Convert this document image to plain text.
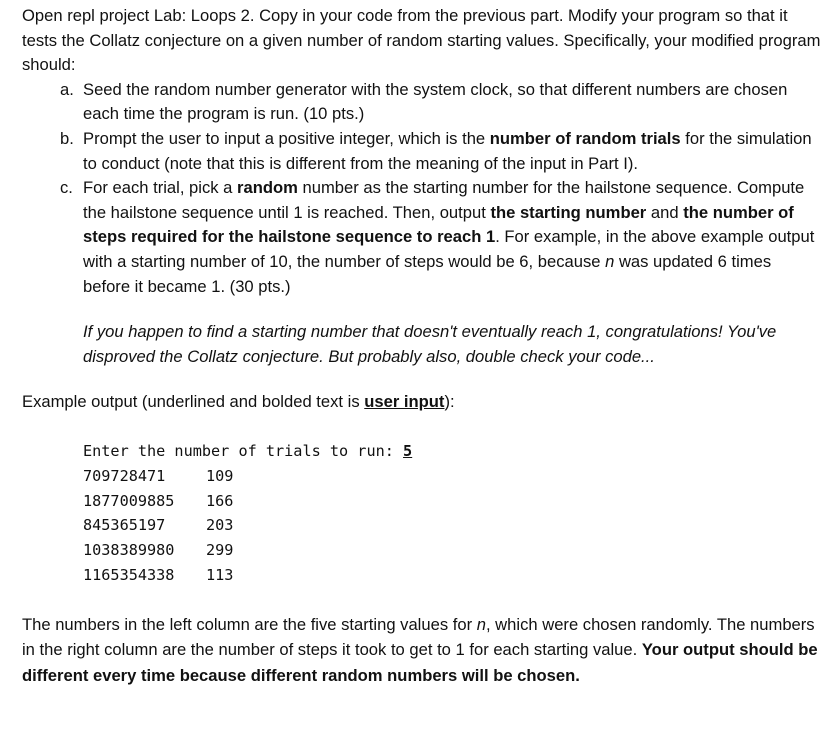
Open repl project Lab: Loops 2. Copy in your code from the previous part. Modify your program so that it tests the Collatz conjecture on a given number of random starting values. Specifically, your modified program should:

a. Seed the random number generator with the system clock, so that different numbers are chosen each time the program is run. (10 pts.)
b. Prompt the user to input a positive integer, which is the number of random trials for the simulation to conduct (note that this is different from the meaning of the input in Part I).
c. For each trial, pick a random number as the starting number for the hailstone sequence. Compute the hailstone sequence until 1 is reached. Then, output the starting number and the number of steps required for the hailstone sequence to reach 1. For example, in the above example output with a starting number of 10, the number of steps would be 6, because n was updated 6 times before it became 1. (30 pts.)

If you happen to find a starting number that doesn't eventually reach 1, congratulations! You've disproved the Collatz conjecture. But probably also, double check your code...

Example output (underlined and bolded text is user input):

Enter the number of trials to run: 5
709728471	109
1877009885 166
845365197	203
1038389980 299
1165354338 113

The numbers in the left column are the five starting values for n, which were chosen randomly. The numbers in the right column are the number of steps it took to get to 1 for each starting value. Your output should be different every time because different random numbers will be chosen.
